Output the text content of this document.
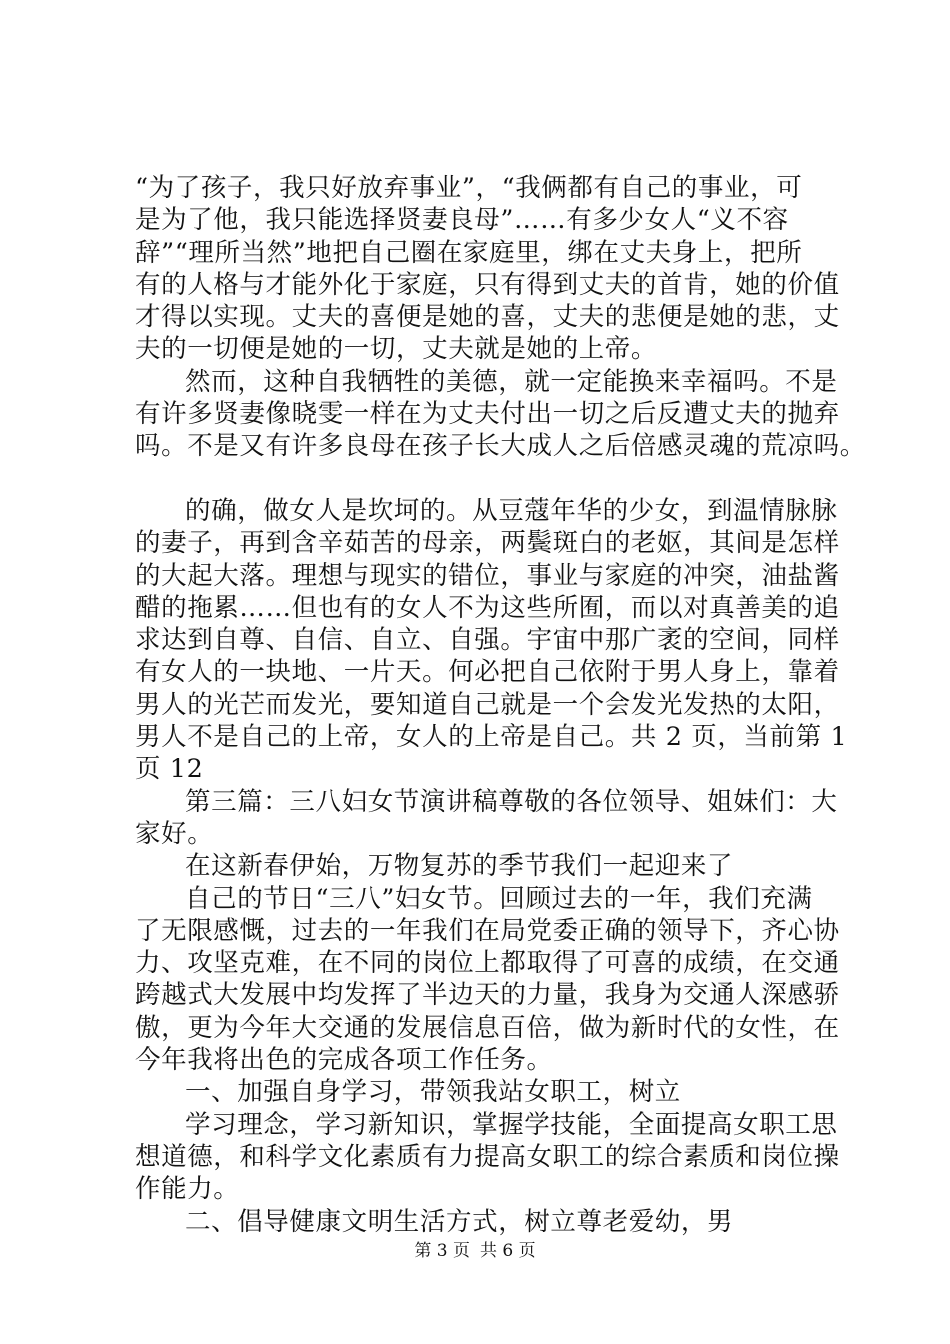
“为了孩子，我只好放弃事业”，“我俩都有自己的事业，可
是为了他，我只能选择贤妻良母”……有多少女人“义不容
辞”“理所当然”地把自己圈在家庭里，绑在丈夫身上，把所
有的人格与才能外化于家庭，只有得到丈夫的首肯，她的价值
才得以实现。丈夫的喜便是她的喜，丈夫的悲便是她的悲，丈
夫的一切便是她的一切，丈夫就是她的上帝。
然而，这种自我牺牲的美德，就一定能换来幸福吗。不是
有许多贤妻像晓雯一样在为丈夫付出一切之后反遭丈夫的抛弃
吗。不是又有许多良母在孩子长大成人之后倍感灵魂的荒凉吗。
的确，做女人是坎坷的。从豆蔻年华的少女，到温情脉脉
的妻子，再到含辛茹苦的母亲，两鬓斑白的老妪，其间是怎样
的大起大落。理想与现实的错位，事业与家庭的冲突，油盐酱
醋的拖累……但也有的女人不为这些所囿，而以对真善美的追
求达到自尊、自信、自立、自强。宇宙中那广袤的空间，同样
有女人的一块地、一片天。何必把自己依附于男人身上，靠着
男人的光芒而发光，要知道自己就是一个会发光发热的太阳，
男人不是自己的上帝，女人的上帝是自己。共 2 页，当前第 1
页 12
第三篇：三八妇女节演讲稿尊敬的各位领导、姐妹们：大
家好。
在这新春伊始，万物复苏的季节我们一起迎来了
自己的节日“三八”妇女节。回顾过去的一年，我们充满
了无限感慨，过去的一年我们在局党委正确的领导下，齐心协
力、攻坚克难，在不同的岗位上都取得了可喜的成绩，在交通
跨越式大发展中均发挥了半边天的力量，我身为交通人深感骄
傲，更为今年大交通的发展信息百倍，做为新时代的女性，在
今年我将出色的完成各项工作任务。
一、加强自身学习，带领我站女职工，树立
学习理念，学习新知识，掌握学技能，全面提高女职工思
想道德，和科学文化素质有力提高女职工的综合素质和岗位操
作能力。
二、倡导健康文明生活方式，树立尊老爱幼，男
第 3 页 共 6 页
